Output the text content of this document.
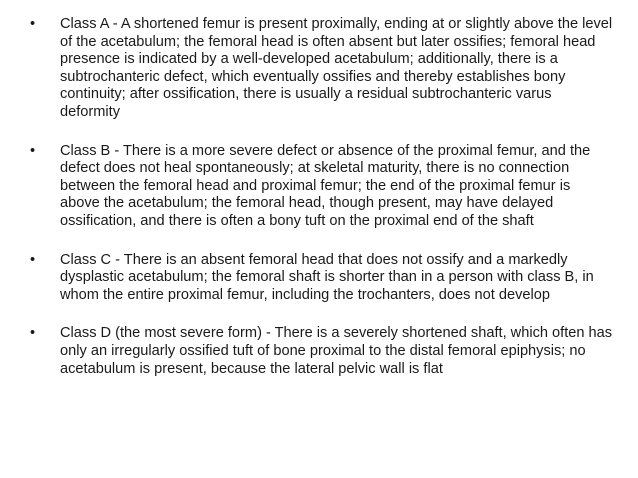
• Class A - A shortened femur is present proximally, ending at or slightly above the level of the acetabulum; the femoral head is often absent but later ossifies; femoral head presence is indicated by a well-developed acetabulum; additionally, there is a subtrochanteric defect, which eventually ossifies and thereby establishes bony continuity; after ossification, there is usually a residual subtrochanteric varus deformity
• Class B - There is a more severe defect or absence of the proximal femur, and the defect does not heal spontaneously; at skeletal maturity, there is no connection between the femoral head and proximal femur; the end of the proximal femur is above the acetabulum; the femoral head, though present, may have delayed ossification, and there is often a bony tuft on the proximal end of the shaft
• Class C - There is an absent femoral head that does not ossify and a markedly dysplastic acetabulum; the femoral shaft is shorter than in a person with class B, in whom the entire proximal femur, including the trochanters, does not develop
• Class D (the most severe form) - There is a severely shortened shaft, which often has only an irregularly ossified tuft of bone proximal to the distal femoral epiphysis; no acetabulum is present, because the lateral pelvic wall is flat
